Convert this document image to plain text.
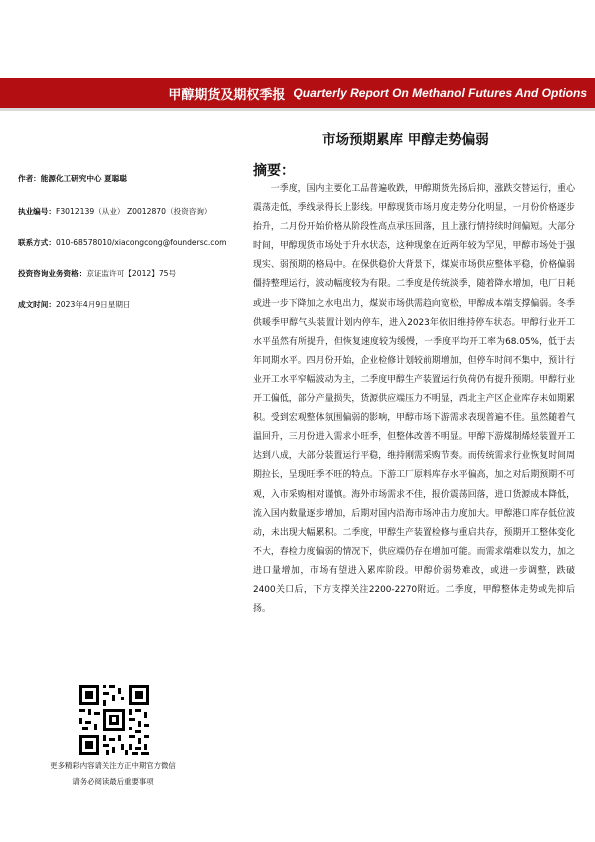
甲醇期货及期权季报 Quarterly Report On Methanol Futures And Options
市场预期累库 甲醇走势偏弱
作者：能源化工研究中心 夏聪聪
执业编号：F3012139（从业） Z0012870（投资咨询）
联系方式：010-68578010/xiacongcong@foundersc.com
投资咨询业务资格：京证监许可【2012】75号
成文时间：2023年4月9日星期日
摘要：
一季度，国内主要化工品普遍收跌，甲醇期货先扬后抑，涨跌交替运行，重心震荡走低，季线录得长上影线。甲醇现货市场月度走势分化明显，一月份价格逐步抬升，二月份开始价格从阶段性高点承压回落，且上涨行情持续时间偏短。大部分时间，甲醇现货市场处于升水状态，这种现象在近两年较为罕见，甲醇市场处于强现实、弱预期的格局中。在保供稳价大背景下，煤炭市场供应整体平稳，价格偏弱僵持整理运行，波动幅度较为有限。二季度是传统淡季，随着降水增加，电厂日耗或进一步下降加之水电出力，煤炭市场供需趋向宽松，甲醇成本端支撑偏弱。冬季供暖季甲醇气头装置计划内停车，进入2023年依旧维持停车状态。甲醇行业开工水平虽然有所提升，但恢复速度较为缓慢，一季度平均开工率为68.05%，低于去年同期水平。四月份开始，企业检修计划较前期增加，但停车时间不集中，预计行业开工水平窄幅波动为主，二季度甲醇生产装置运行负荷仍有提升预期。甲醇行业开工偏低，部分产量损失，货源供应端压力不明显，西北主产区企业库存未如期累积。受到宏观整体氛围偏弱的影响，甲醇市场下游需求表现普遍不佳。虽然随着气温回升，三月份进入需求小旺季，但整体改善不明显。甲醇下游煤制烯烃装置开工达到八成，大部分装置运行平稳，维持刚需采购节奏。而传统需求行业恢复时间周期拉长，呈现旺季不旺的特点。下游工厂原料库存水平偏高，加之对后期预期不可观，入市采购相对谨慎。海外市场需求不佳，报价震荡回落，进口货源成本降低，流入国内数量逐步增加，后期对国内沿海市场冲击力度加大。甲醇港口库存低位波动，未出现大幅累积。二季度，甲醇生产装置检修与重启共存，预期开工整体变化不大，春检力度偏弱的情况下，供应端仍存在增加可能。而需求端难以发力，加之进口量增加，市场有望进入累库阶段。甲醇价弱势难改，或进一步调整，跌破2400关口后，下方支撑关注2200-2270附近。二季度，甲醇整体走势或先抑后扬。
更多精彩内容请关注方正中期官方微信
请务必阅读最后重要事项
